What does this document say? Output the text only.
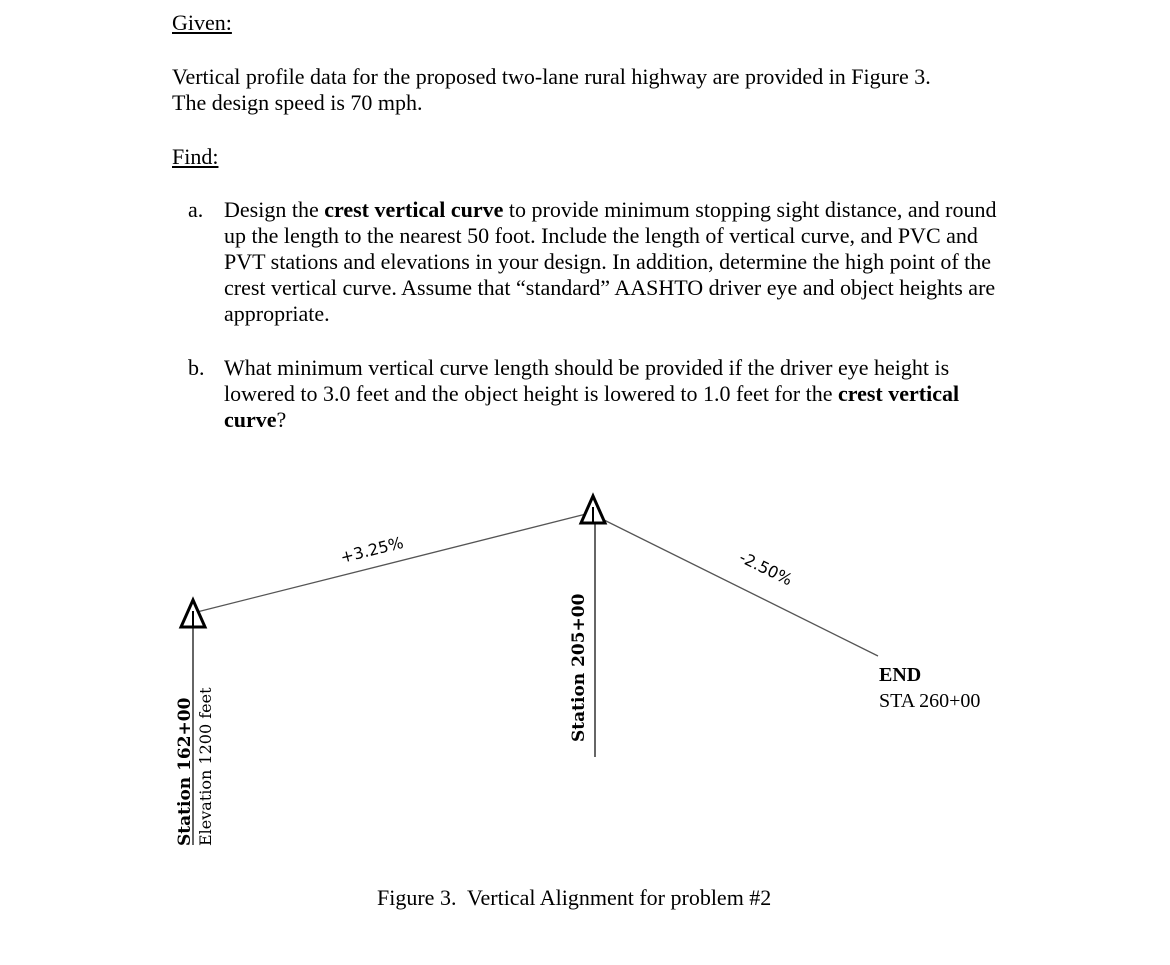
Given:

Vertical profile data for the proposed two-lane rural highway are provided in Figure 3.

The design speed is 70 mph.

Find:
a. Design the crest vertical curve to provide minimum stopping sight distance, and round up the length to the nearest 50 foot. Include the length of vertical curve, and PVC and PVT stations and elevations in your design. In addition, determine the high point of the crest vertical curve. Assume that “standard” AASHTO driver eye and object heights are appropriate.
b. What minimum vertical curve length should be provided if the driver eye height is lowered to 3.0 feet and the object height is lowered to 1.0 feet for the crest vertical curve?
+3.25%	-2.50%
Station 162+00 Elevation 1200 feet
Station 205+00	END
STA 260+00
Figure 3.  Vertical Alignment for problem #2
